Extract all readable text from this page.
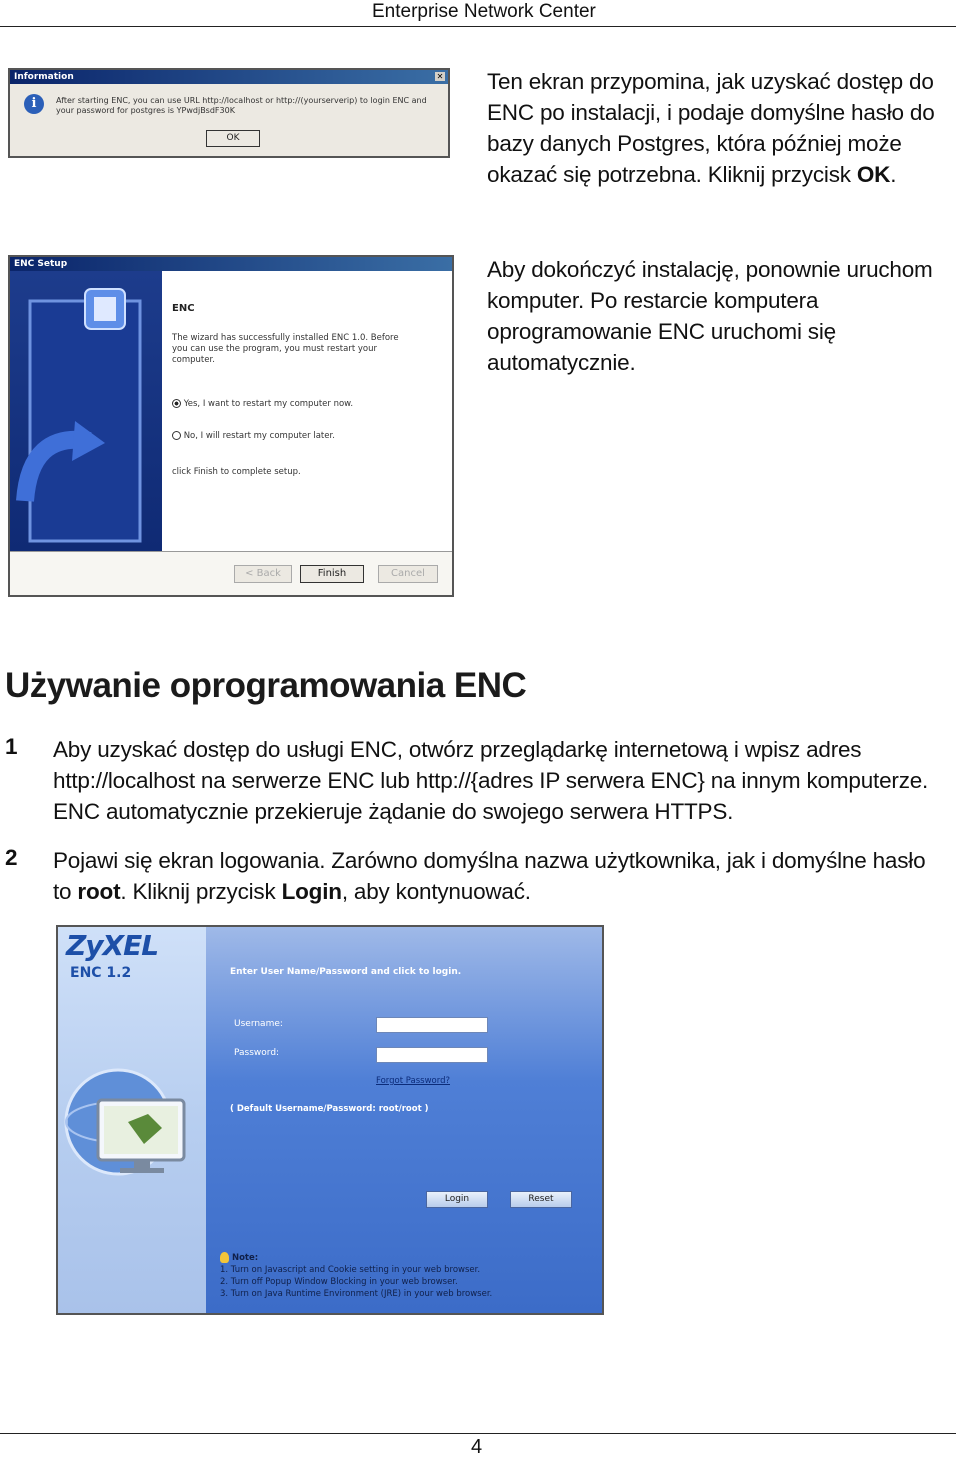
Enterprise Network Center
Information	✕
i	After starting ENC, you can use URL http://localhost or http://(yourserverip) to login ENC and your password for postgres is YPwdjBsdF30K
OK
Ten ekran przypomina, jak uzyskać dostęp do ENC po instalacji, i podaje domyślne hasło do bazy danych Postgres, która później może okazać się potrzebna. Kliknij przycisk OK.
ENC Setup
ENC
The wizard has successfully installed ENC 1.0. Before you can use the program, you must restart your computer.
Yes, I want to restart my computer now.
No, I will restart my computer later.
click Finish to complete setup.
< Back	Finish	Cancel
Aby dokończyć instalację, ponownie uruchom komputer. Po restarcie komputera oprogramowanie ENC uruchomi się automatycznie.
Używanie oprogramowania ENC
1 Aby uzyskać dostęp do usługi ENC, otwórz przeglądarkę internetową i wpisz adres http://localhost na serwerze ENC lub http://{adres IP serwera ENC} na innym komputerze. ENC automatycznie przekieruje żądanie do swojego serwera HTTPS.
2 Pojawi się ekran logowania. Zarówno domyślna nazwa użytkownika, jak i domyślne hasło to root. Kliknij przycisk Login, aby kontynuować.
ZyXEL
ENC 1.2	Enter User Name/Password and click to login.
Username:
Password:
Forgot Password?
( Default Username/Password: root/root )
Login	Reset
Note:
1. Turn on Javascript and Cookie setting in your web browser.
2. Turn off Popup Window Blocking in your web browser.
3. Turn on Java Runtime Environment (JRE) in your web browser.
4
